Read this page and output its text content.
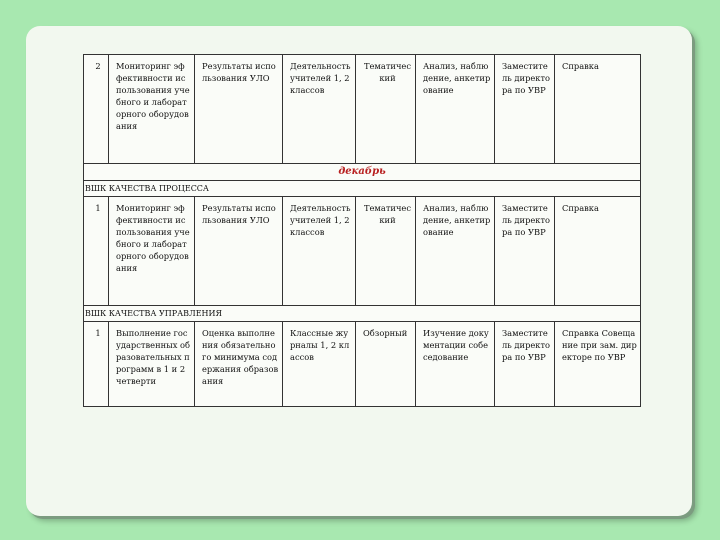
2	Мониторинг эффективности использования учебного и лабораторного оборудования	Результаты использования УЛО	Деятельность учителей 1, 2 классов	Тематический	Анализ, наблюдение, анкетирование	Заместитель директора по УВР	Справка
декабрь							
ВШК КАЧЕСТВА ПРОЦЕССА							
1	Мониторинг эффективности использования учебного и лабораторного оборудования	Результаты использования УЛО	Деятельность учителей 1, 2 классов	Тематический	Анализ, наблюдение, анкетирование	Заместитель директора по УВР	Справка
ВШК КАЧЕСТВА УПРАВЛЕНИЯ							
1	Выполнение государственных образовательных программ в 1 и 2 четверти	Оценка выполнения обязательного минимума содержания образования	Классные журналы 1, 2 классов	Обзорный	Изучение документации собеседование	Заместитель директора по УВР	Справка Совещание при зам. директоре по УВР
